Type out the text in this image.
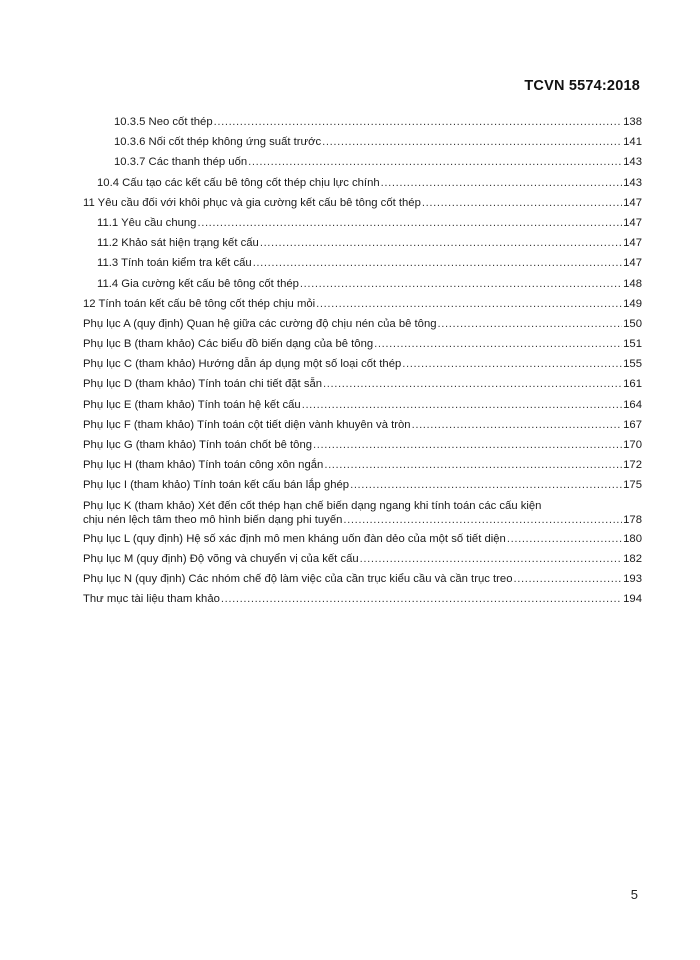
TCVN 5574:2018
10.3.5 Neo cốt thép .....	138
10.3.6 Nối cốt thép không ứng suất trước .....	141
10.3.7 Các thanh thép uốn .....	143
10.4 Cấu tạo các kết cấu bê tông cốt thép chịu lực chính .....	143
11 Yêu cầu đối với khôi phục và gia cường kết cấu bê tông cốt thép .....	147
11.1 Yêu cầu chung .....	147
11.2 Khảo sát hiện trạng kết cấu .....	147
11.3 Tính toán kiểm tra kết cấu .....	147
11.4 Gia cường kết cấu bê tông cốt thép .....	148
12 Tính toán kết cấu bê tông cốt thép chịu mỏi .....	149
Phụ lục A (quy định) Quan hệ giữa các cường độ chịu nén của bê tông .....	150
Phụ lục B (tham khảo) Các biểu đồ biến dạng của bê tông .....	151
Phụ lục C (tham khảo) Hướng dẫn áp dụng một số loại cốt thép .....	155
Phụ lục D (tham khảo) Tính toán chi tiết đặt sẵn .....	161
Phụ lục E (tham khảo) Tính toán hệ kết cấu .....	164
Phụ lục F (tham khảo) Tính toán cột tiết diện vành khuyên và tròn .....	167
Phụ lục G (tham khảo) Tính toán chốt bê tông .....	170
Phụ lục H (tham khảo) Tính toán công xôn ngắn .....	172
Phụ lục I (tham khảo) Tính toán kết cấu bán lắp ghép .....	175
Phụ lục K (tham khảo) Xét đến cốt thép hạn chế biến dạng ngang khi tính toán các cấu kiện
chịu nén lệch tâm theo mô hình biến dạng phi tuyến .....	178
Phụ lục L (quy định) Hệ số xác định mô men kháng uốn đàn dẻo của một số tiết diện .....	180
Phụ lục M (quy định) Độ võng và chuyển vị của kết cấu .....	182
Phụ lục N (quy định) Các nhóm chế độ làm việc của cần trục kiểu cầu và cần trục treo .....	193
Thư mục tài liệu tham khảo .....	194
5
